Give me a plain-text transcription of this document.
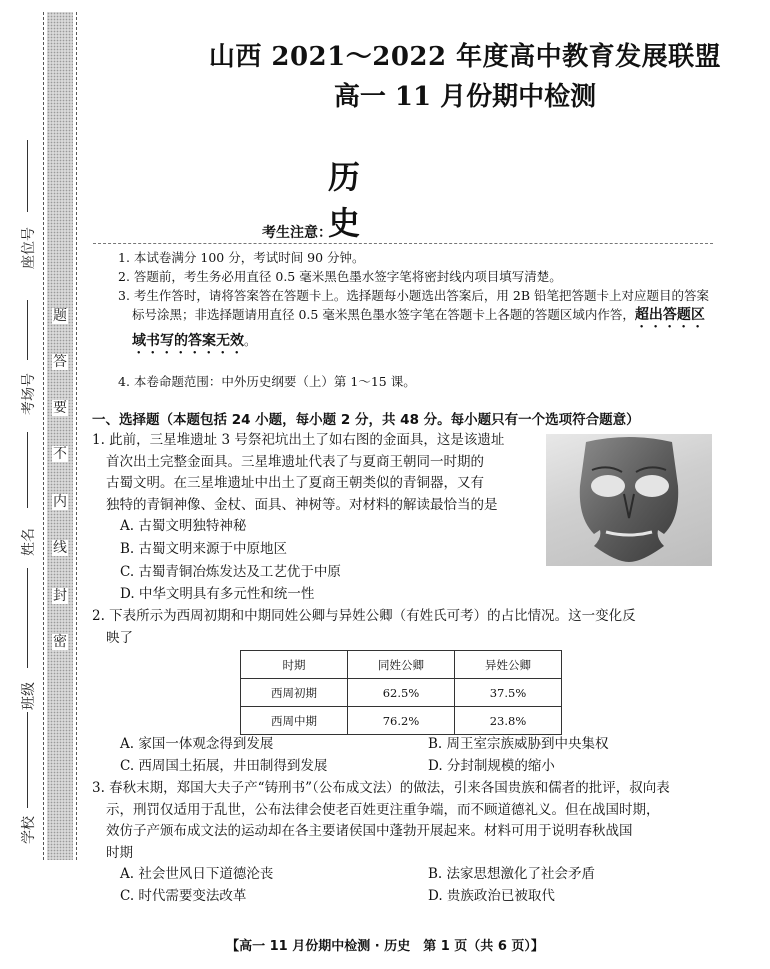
题
答
要
不
内
线
封
密
座位号
考场号
姓名
班级
学校
山西 2021～2022 年度高中教育发展联盟
高一 11 月份期中检测
历史
考生注意：

1. 本试卷满分 100 分，考试时间 90 分钟。

2. 答题前，考生务必用直径 0.5 毫米黑色墨水签字笔将密封线内项目填写清楚。

3. 考生作答时，请将答案答在答题卡上。选择题每小题选出答案后，用 2B 铅笔把答题卡上对应题目的答案标号涂黑；非选择题请用直径 0.5 毫米黑色墨水签字笔在答题卡上各题的答题区域内作答，超出答题区域书写的答案无效。

4. 本卷命题范围：中外历史纲要（上）第 1～15 课。
一、选择题（本题包括 24 小题，每小题 2 分，共 48 分。每小题只有一个选项符合题意）

1. 此前，三星堆遗址 3 号祭祀坑出土了如右图的金面具，这是该遗址

首次出土完整金面具。三星堆遗址代表了与夏商王朝同一时期的

古蜀文明。在三星堆遗址中出土了夏商王朝类似的青铜器，又有

独特的青铜神像、金杖、面具、神树等。对材料的解读最恰当的是

A. 古蜀文明独特神秘
B. 古蜀文明来源于中原地区
C. 古蜀青铜冶炼发达及工艺优于中原
D. 中华文明具有多元性和统一性

2. 下表所示为西周初期和中期同姓公卿与异姓公卿（有姓氏可考）的占比情况。这一变化反

映了

时期	同姓公卿	异姓公卿
西周初期	62.5%	37.5%
西周中期	76.2%	23.8%
A. 家国一体观念得到发展	B. 周王室宗族威胁到中央集权
C. 西周国土拓展，井田制得到发展	D. 分封制规模的缩小

3. 春秋末期，郑国大夫子产“铸刑书”（公布成文法）的做法，引来各国贵族和儒者的批评，叔向表

示，刑罚仅适用于乱世，公布法律会使老百姓更注重争端，而不顾道德礼义。但在战国时期，

效仿子产颁布成文法的运动却在各主要诸侯国中蓬勃开展起来。材料可用于说明春秋战国

时期

A. 社会世风日下道德沦丧	B. 法家思想激化了社会矛盾
C. 时代需要变法改革	D. 贵族政治已被取代
【高一 11 月份期中检测 · 历史　第 1 页（共 6 页）】
